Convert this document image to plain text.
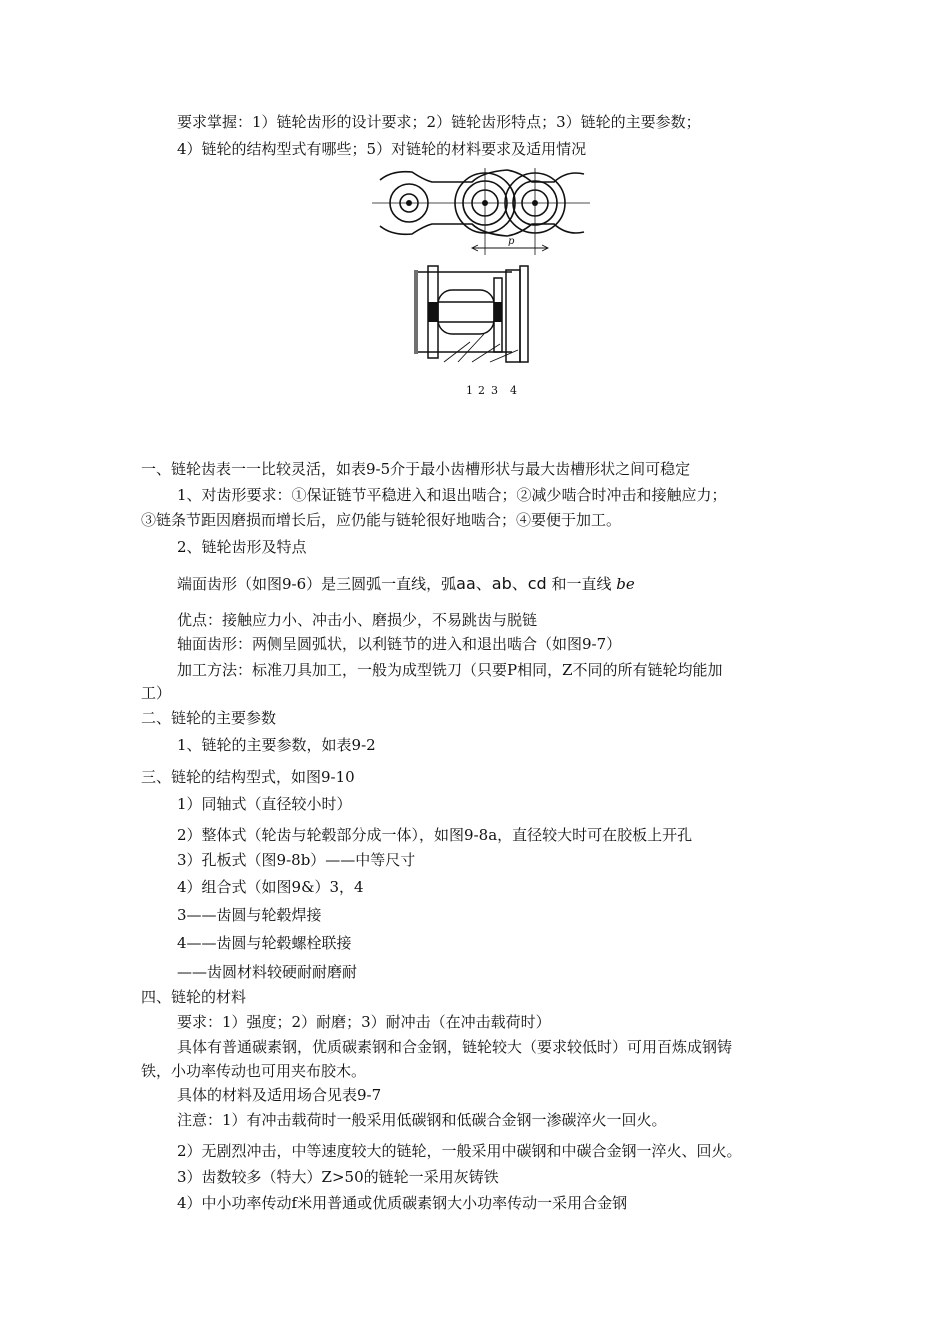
要求掌握：1）链轮齿形的设计要求；2）链轮齿形特点；3）链轮的主要参数；
4）链轮的结构型式有哪些；5）对链轮的材料要求及适用情况
p
1 2 3 4
一、链轮齿表一一比较灵活，如表9-5介于最小齿槽形状与最大齿槽形状之间可稳定
1、对齿形要求：①保证链节平稳进入和退出啮合；②减少啮合时冲击和接触应力；
③链条节距因磨损而增长后，应仍能与链轮很好地啮合；④要便于加工。
2、链轮齿形及特点
端面齿形（如图9-6）是三圆弧一直线，弧aa、ab、cd 和一直线 be
优点：接触应力小、冲击小、磨损少，不易跳齿与脱链
轴面齿形：两侧呈圆弧状，以利链节的进入和退出啮合（如图9-7）
加工方法：标准刀具加工，一般为成型铣刀（只要P相同，Z不同的所有链轮均能加
工）
二、链轮的主要参数
1、链轮的主要参数，如表9-2
三、链轮的结构型式，如图9-10
1）同轴式（直径较小时）
2）整体式（轮齿与轮毂部分成一体），如图9-8a，直径较大时可在胶板上开孔
3）孔板式（图9-8b）——中等尺寸
4）组合式（如图9&）3，4
3——齿圆与轮毂焊接
4——齿圆与轮毂螺栓联接
——齿圆材料较硬耐耐磨耐
四、链轮的材料
要求：1）强度；2）耐磨；3）耐冲击（在冲击载荷时）
具体有普通碳素钢，优质碳素钢和合金钢，链轮较大（要求较低时）可用百炼成钢铸
铁，小功率传动也可用夹布胶木。
具体的材料及适用场合见表9-7
注意：1）有冲击载荷时一般采用低碳钢和低碳合金钢一渗碳淬火一回火。
2）无剧烈冲击，中等速度较大的链轮，一般采用中碳钢和中碳合金钢一淬火、回火。
3）齿数较多（特大）Z>50的链轮一采用灰铸铁
4）中小功率传动f米用普通或优质碳素钢大小功率传动一采用合金钢
